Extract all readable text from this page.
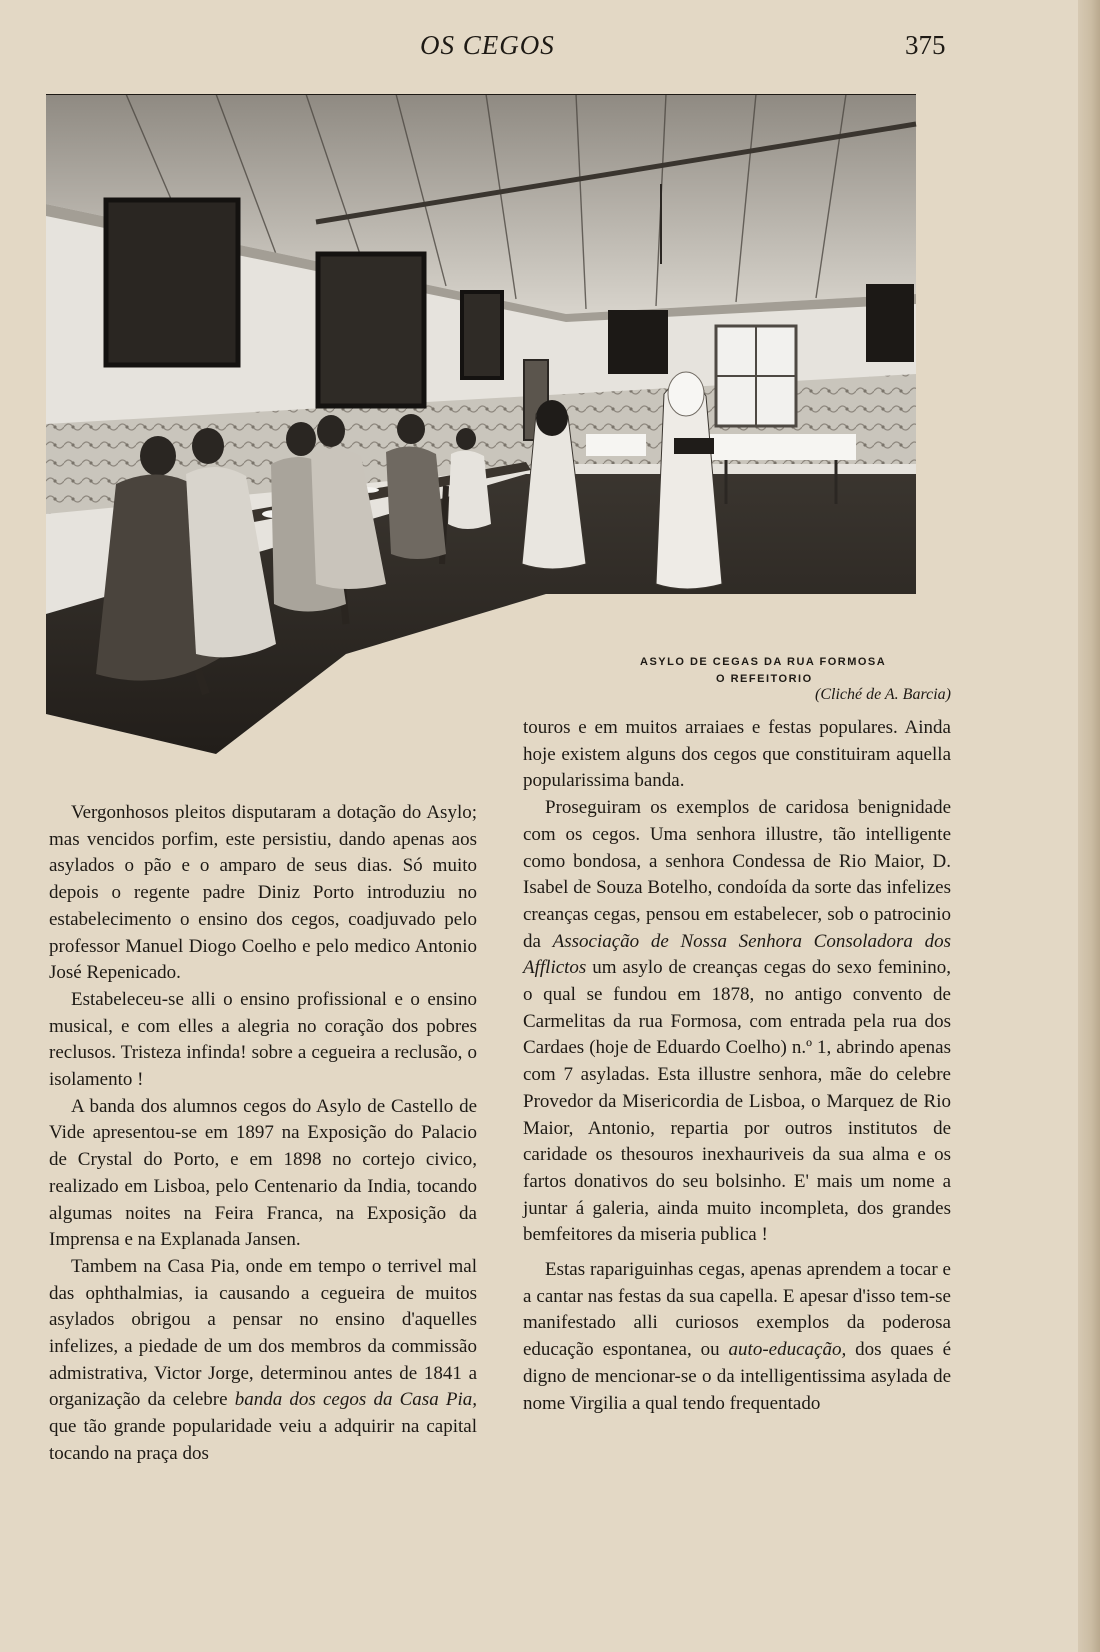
OS CEGOS	375
ASYLO DE CEGAS DA RUA FORMOSA
O REFEITORIO
(Cliché de A. Barcia)

Vergonhosos pleitos disputaram a dotação do Asylo; mas vencidos porfim, este persistiu, dando apenas aos asylados o pão e o amparo de seus dias. Só muito depois o regente padre Diniz Porto introduziu no estabelecimento o ensino dos cegos, coadjuvado pelo professor Manuel Diogo Coelho e pelo medico Antonio José Repenicado.

Estabeleceu-se alli o ensino profissional e o ensino musical, e com elles a alegria no coração dos pobres reclusos. Tristeza infinda! sobre a cegueira a reclusão, o isolamento !

A banda dos alumnos cegos do Asylo de Castello de Vide apresentou-se em 1897 na Exposição do Palacio de Crystal do Porto, e em 1898 no cortejo civico, realizado em Lisboa, pelo Centenario da India, tocando algumas noites na Feira Franca, na Exposição da Imprensa e na Explanada Jansen.

Tambem na Casa Pia, onde em tempo o terrivel mal das ophthalmias, ia causando a cegueira de muitos asylados obrigou a pensar no ensino d'aquelles infelizes, a piedade de um dos membros da commissão admistrativa, Victor Jorge, determinou antes de 1841 a organização da celebre banda dos cegos da Casa Pia, que tão grande popularidade veiu a adquirir na capital tocando na praça dos

touros e em muitos arraiaes e festas populares. Ainda hoje existem alguns dos cegos que constituiram aquella popularissima banda.

Proseguiram os exemplos de caridosa benignidade com os cegos. Uma senhora illustre, tão intelligente como bondosa, a senhora Condessa de Rio Maior, D. Isabel de Souza Botelho, condoída da sorte das infelizes creanças cegas, pensou em estabelecer, sob o patrocinio da Associação de Nossa Senhora Consoladora dos Afflictos um asylo de creanças cegas do sexo feminino, o qual se fundou em 1878, no antigo convento de Carmelitas da rua Formosa, com entrada pela rua dos Cardaes (hoje de Eduardo Coelho) n.º 1, abrindo apenas com 7 asyladas. Esta illustre senhora, mãe do celebre Provedor da Misericordia de Lisboa, o Marquez de Rio Maior, Antonio, repartia por outros institutos de caridade os thesouros inexhauriveis da sua alma e os fartos donativos do seu bolsinho. E' mais um nome a juntar á galeria, ainda muito incompleta, dos grandes bemfeitores da miseria publica !

Estas rapariguinhas cegas, apenas aprendem a tocar e a cantar nas festas da sua capella. E apesar d'isso tem-se manifestado alli curiosos exemplos da poderosa educação espontanea, ou auto-educação, dos quaes é digno de mencionar-se o da intelligentissima asylada de nome Virgilia a qual tendo frequentado
